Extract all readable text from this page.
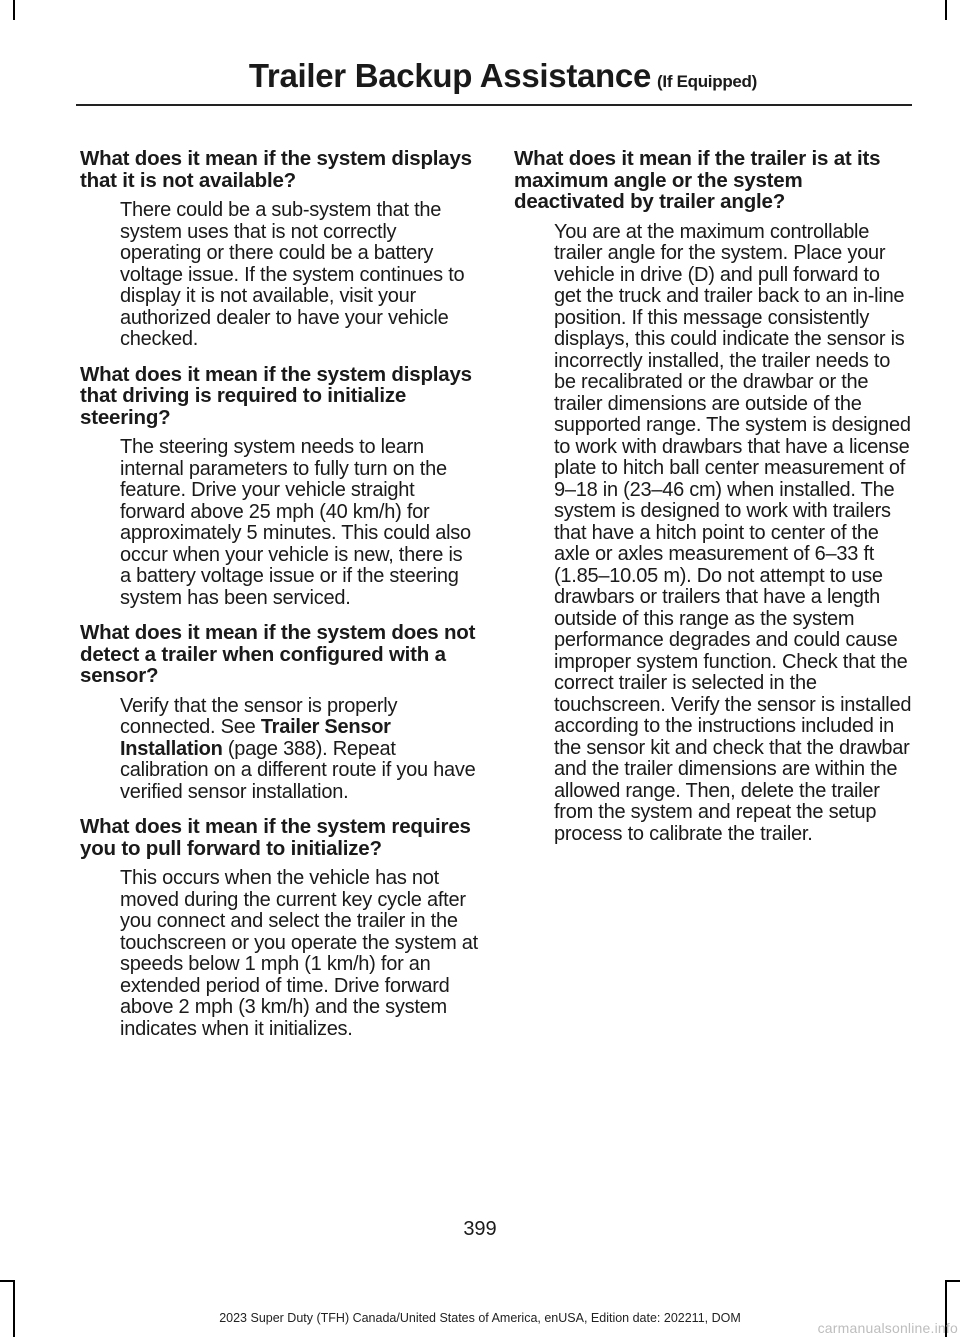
Trailer Backup Assistance (If Equipped)

What does it mean if the system displays that it is not available?

There could be a sub-system that the system uses that is not correctly operating or there could be a battery voltage issue. If the system continues to display it is not available, visit your authorized dealer to have your vehicle checked.

What does it mean if the system displays that driving is required to initialize steering?

The steering system needs to learn internal parameters to fully turn on the feature. Drive your vehicle straight forward above 25 mph (40 km/h) for approximately 5 minutes. This could also occur when your vehicle is new, there is a battery voltage issue or if the steering system has been serviced.

What does it mean if the system does not detect a trailer when configured with a sensor?

Verify that the sensor is properly connected. See Trailer Sensor Installation (page 388). Repeat calibration on a different route if you have verified sensor installation.

What does it mean if the system requires you to pull forward to initialize?

This occurs when the vehicle has not moved during the current key cycle after you connect and select the trailer in the touchscreen or you operate the system at speeds below 1 mph (1 km/h) for an extended period of time. Drive forward above 2 mph (3 km/h) and the system indicates when it initializes.

What does it mean if the trailer is at its maximum angle or the system deactivated by trailer angle?

You are at the maximum controllable trailer angle for the system. Place your vehicle in drive (D) and pull forward to get the truck and trailer back to an in-line position. If this message consistently displays, this could indicate the sensor is incorrectly installed, the trailer needs to be recalibrated or the drawbar or the trailer dimensions are outside of the supported range. The system is designed to work with drawbars that have a license plate to hitch ball center measurement of 9–18 in (23–46 cm) when installed. The system is designed to work with trailers that have a hitch point to center of the axle or axles measurement of 6–33 ft (1.85–10.05 m). Do not attempt to use drawbars or trailers that have a length outside of this range as the system performance degrades and could cause improper system function. Check that the correct trailer is selected in the touchscreen. Verify the sensor is installed according to the instructions included in the sensor kit and check that the drawbar and the trailer dimensions are within the allowed range. Then, delete the trailer from the system and repeat the setup process to calibrate the trailer.

399
2023 Super Duty (TFH) Canada/United States of America, enUSA, Edition date: 202211, DOM
carmanualsonline.info
